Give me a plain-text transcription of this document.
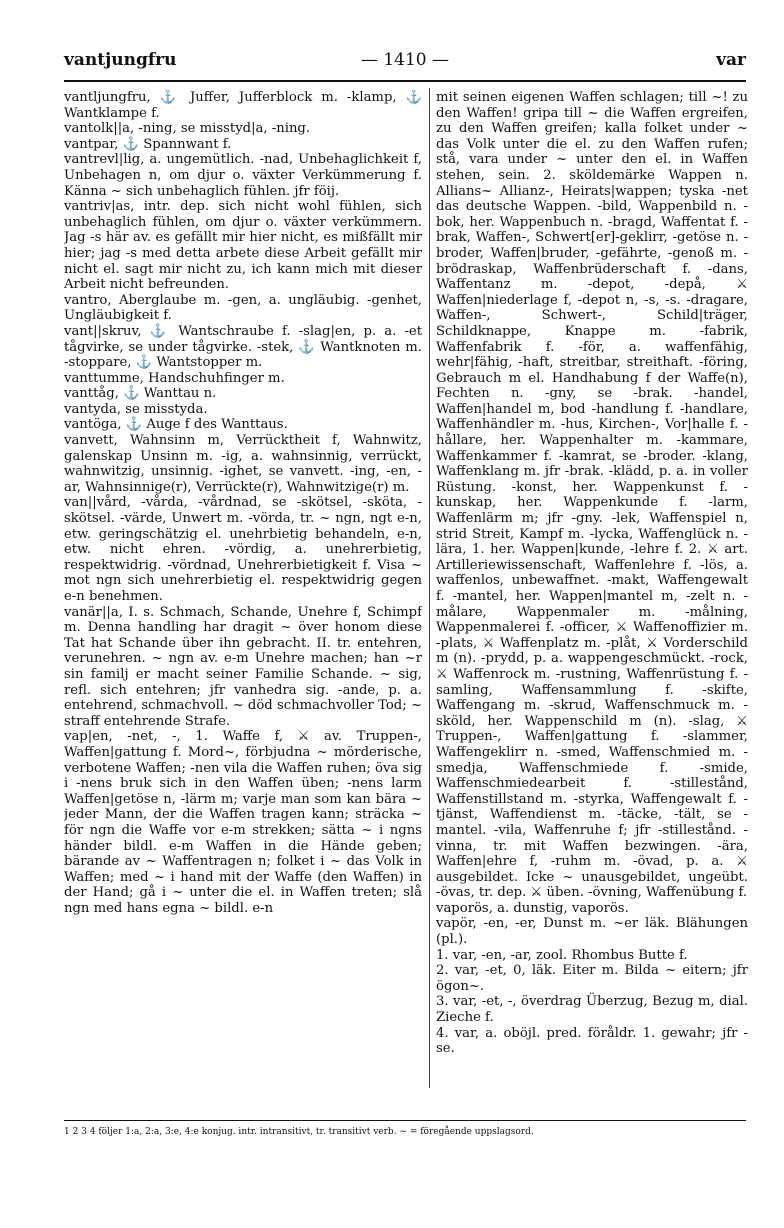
vantjungfru	— 1410 —	var

vantljungfru, ⚓ Juffer, Jufferblock m. -klamp, ⚓ Wantklampe f.

vantolk||a, -ning, se misstyd|a, -ning.

vantpar, ⚓ Spannwant f.

vantrevl|lig, a. ungemütlich. -nad, Unbehaglichkeit f, Unbehagen n, om djur o. växter Verkümmerung f. Känna ~ sich unbehaglich fühlen. jfr föij.

vantriv|as, intr. dep. sich nicht wohl fühlen, sich unbehaglich fühlen, om djur o. växter verkümmern. Jag -s här av. es gefällt mir hier nicht, es mißfällt mir hier; jag -s med detta arbete diese Arbeit gefällt mir nicht el. sagt mir nicht zu, ich kann mich mit dieser Arbeit nicht befreunden.

vantro, Aberglaube m. -gen, a. ungläubig. -genhet, Ungläubigkeit f.

vant||skruv, ⚓ Wantschraube f. -slag|en, p. a. -et tågvirke, se under tågvirke. -stek, ⚓ Wantknoten m. -stoppare, ⚓ Wantstopper m.

vanttumme, Handschuhfinger m.

vanttåg, ⚓ Wanttau n.

vantyda, se misstyda.

vantöga, ⚓ Auge f des Wanttaus.

vanvett, Wahnsinn m, Verrücktheit f, Wahnwitz, galenskap Unsinn m. -ig, a. wahnsinnig, verrückt, wahnwitzig, unsinnig. -ighet, se vanvett. -ing, -en, -ar, Wahnsinnige(r), Verrückte(r), Wahnwitzige(r) m.

van||vård, -vårda, -vårdnad, se -skötsel, -sköta, -skötsel. -värde, Unwert m. -vörda, tr. ~ ngn, ngt e-n, etw. geringschätzig el. unehrbietig behandeln, e-n, etw. nicht ehren. -vördig, a. unehrerbietig, respektwidrig. -vördnad, Unehrerbietigkeit f. Visa ~ mot ngn sich unehrerbietig el. respektwidrig gegen e-n benehmen.

vanär||a, I. s. Schmach, Schande, Unehre f, Schimpf m. Denna handling har dragit ~ över honom diese Tat hat Schande über ihn gebracht. II. tr. entehren, verunehren. ~ ngn av. e-m Unehre machen; han ~r sin familj er macht seiner Familie Schande. ~ sig, refl. sich entehren; jfr vanhedra sig. -ande, p. a. entehrend, schmachvoll. ~ död schmachvoller Tod; ~ straff entehrende Strafe.

vap|en, -net, -, 1. Waffe f, ⚔ av. Truppen-, Waffen|gattung f. Mord~, förbjudna ~ mörderische, verbotene Waffen; -nen vila die Waffen ruhen; öva sig i -nens bruk sich in den Waffen üben; -nens larm Waffen|getöse n, -lärm m; varje man som kan bära ~ jeder Mann, der die Waffen tragen kann; sträcka ~ för ngn die Waffe vor e-m strekken; sätta ~ i ngns händer bildl. e-m Waffen in die Hände geben; bärande av ~ Waffentragen n; folket i ~ das Volk in Waffen; med ~ i hand mit der Waffe (den Waffen) in der Hand; gå i ~ unter die el. in Waffen treten; slå ngn med hans egna ~ bildl. e-n

mit seinen eigenen Waffen schlagen; till ~! zu den Waffen! gripa till ~ die Waffen ergreifen, zu den Waffen greifen; kalla folket under ~ das Volk unter die el. zu den Waffen rufen; stå, vara under ~ unter den el. in Waffen stehen, sein. 2. sköldemärke Wappen n. Allians~ Allianz-, Heirats|wappen; tyska -net das deutsche Wappen. -bild, Wappenbild n. -bok, her. Wappenbuch n. -bragd, Waffentat f. -brak, Waffen-, Schwert[er]-geklirr, -getöse n. -broder, Waffen|bruder, -gefährte, -genoß m. -brödraskap, Waffenbrüderschaft f. -dans, Waffentanz m. -depot, -depå, ⚔ Waffen|niederlage f, -depot n, -s, -s. -dragare, Waffen-, Schwert-, Schild|träger, Schildknappe, Knappe m. -fabrik, Waffenfabrik f. -för, a. waffenfähig, wehr|fähig, -haft, streitbar, streithaft. -föring, Gebrauch m el. Handhabung f der Waffe(n), Fechten n. -gny, se -brak. -handel, Waffen|handel m, bod -handlung f. -handlare, Waffenhändler m. -hus, Kirchen-, Vor|halle f. -hållare, her. Wappenhalter m. -kammare, Waffenkammer f. -kamrat, se -broder. -klang, Waffenklang m. jfr -brak. -klädd, p. a. in voller Rüstung. -konst, her. Wappenkunst f. -kunskap, her. Wappenkunde f. -larm, Waffenlärm m; jfr -gny. -lek, Waffenspiel n, strid Streit, Kampf m. -lycka, Waffenglück n. -lära, 1. her. Wappen|kunde, -lehre f. 2. ⚔ art. Artilleriewissenschaft, Waffenlehre f. -lös, a. waffenlos, unbewaffnet. -makt, Waffengewalt f. -mantel, her. Wappen|mantel m, -zelt n. -målare, Wappenmaler m. -målning, Wappenmalerei f. -officer, ⚔ Waffenoffizier m. -plats, ⚔ Waffenplatz m. -plåt, ⚔ Vorderschild m (n). -prydd, p. a. wappengeschmückt. -rock, ⚔ Waffenrock m. -rustning, Waffenrüstung f. -samling, Waffensammlung f. -skifte, Waffengang m. -skrud, Waffenschmuck m. -sköld, her. Wappenschild m (n). -slag, ⚔ Truppen-, Waffen|gattung f. -slammer, Waffengeklirr n. -smed, Waffenschmied m. -smedja, Waffenschmiede f. -smide, Waffenschmiedearbeit f. -stillestånd, Waffenstillstand m. -styrka, Waffengewalt f. -tjänst, Waffendienst m. -täcke, -tält, se -mantel. -vila, Waffenruhe f; jfr -stillestånd. -vinna, tr. mit Waffen bezwingen. -ära, Waffen|ehre f, -ruhm m. -övad, p. a. ⚔ ausgebildet. Icke ~ unausgebildet, ungeübt. -övas, tr. dep. ⚔ üben. -övning, Waffenübung f.

vaporös, a. dunstig, vaporös.

vapör, -en, -er, Dunst m. ~er läk. Blähungen (pl.).

1. var, -en, -ar, zool. Rhombus Butte f.

2. var, -et, 0, läk. Eiter m. Bilda ~ eitern; jfr ögon~.

3. var, -et, -, överdrag Überzug, Bezug m, dial. Zieche f.

4. var, a. oböjl. pred. föråldr. 1. gewahr; jfr -se.

1 2 3 4 följer 1:a, 2:a, 3:e, 4:e konjug. intr. intransitivt, tr. transitivt verb. ~ = föregående uppslagsord.
